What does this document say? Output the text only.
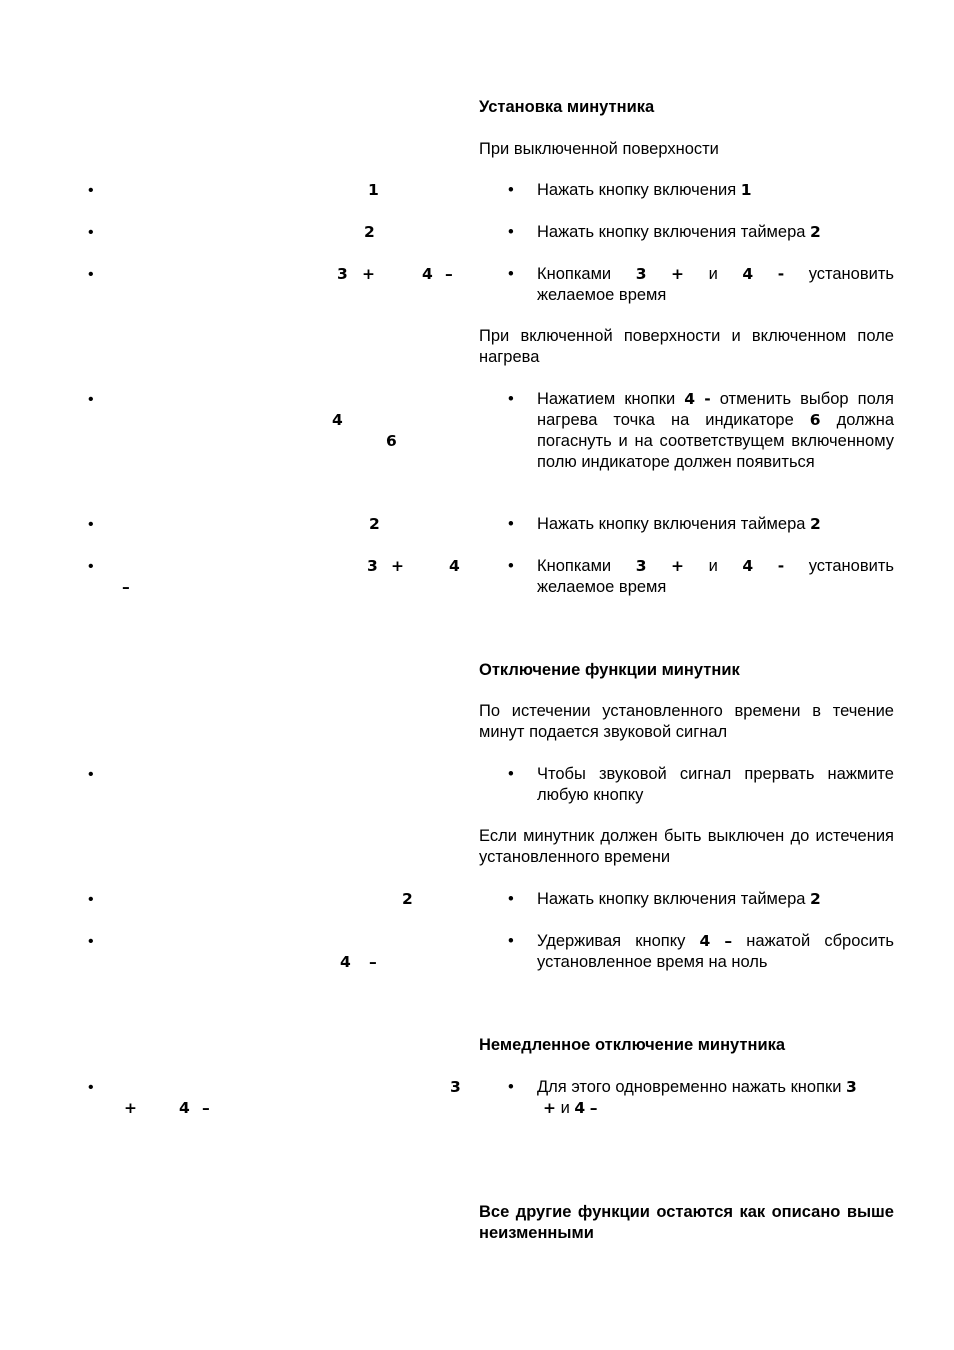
•	1
•	2
•	3 +	4 –
•
4
6
•	2
•	3 +	4
–
•
•	2
•
4 –
•	3
+	4 –
Установка минутника
При выключенной поверхности
• Нажать кнопку включения 1
• Нажать кнопку включения таймера 2
• Кнопками 3 + и 4 - установить
желаемое время
При включенной поверхности и включенном поле нагрева
• Нажатием кнопки 4 - отменить выбор поля нагрева точка на индикаторе 6 должна погаснуть и на соответствущем включенному полю индикаторе должен появиться
• Нажать кнопку включения таймера 2
• Кнопками 3 + и 4 - установить
желаемое время
Отключение функции минутник
По истечении установленного времени в течение минут подается звуковой сигнал
• Чтобы звуковой сигнал прервать нажмите любую кнопку
Если минутник должен быть выключен до истечения установленного времени
• Нажать кнопку включения таймера 2
• Удерживая кнопку 4 – нажатой сбросить установленное время на ноль
Немедленное отключение минутника
• Для этого одновременно нажать кнопки 3
+ и 4 –
Все другие функции остаются как описано выше неизменными
